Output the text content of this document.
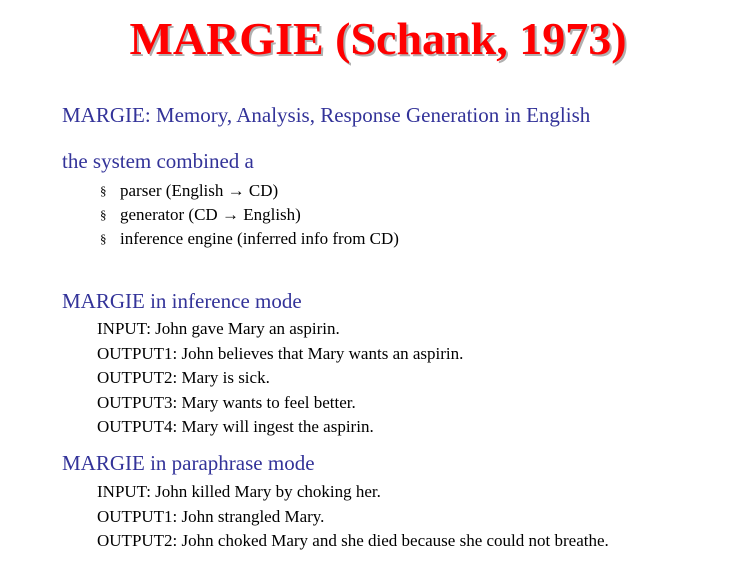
MARGIE (Schank, 1973)
MARGIE: Memory, Analysis, Response Generation in English
the system combined a
§ parser (English → CD)
§ generator (CD → English)
§ inference engine (inferred info from CD)
MARGIE in inference mode
INPUT: John gave Mary an aspirin.
OUTPUT1: John believes that Mary wants an aspirin.
OUTPUT2: Mary is sick.
OUTPUT3: Mary wants to feel better.
OUTPUT4: Mary will ingest the aspirin.
MARGIE in paraphrase mode
INPUT: John killed Mary by choking her.
OUTPUT1: John strangled Mary.
OUTPUT2: John choked Mary and she died because she could not breathe.
